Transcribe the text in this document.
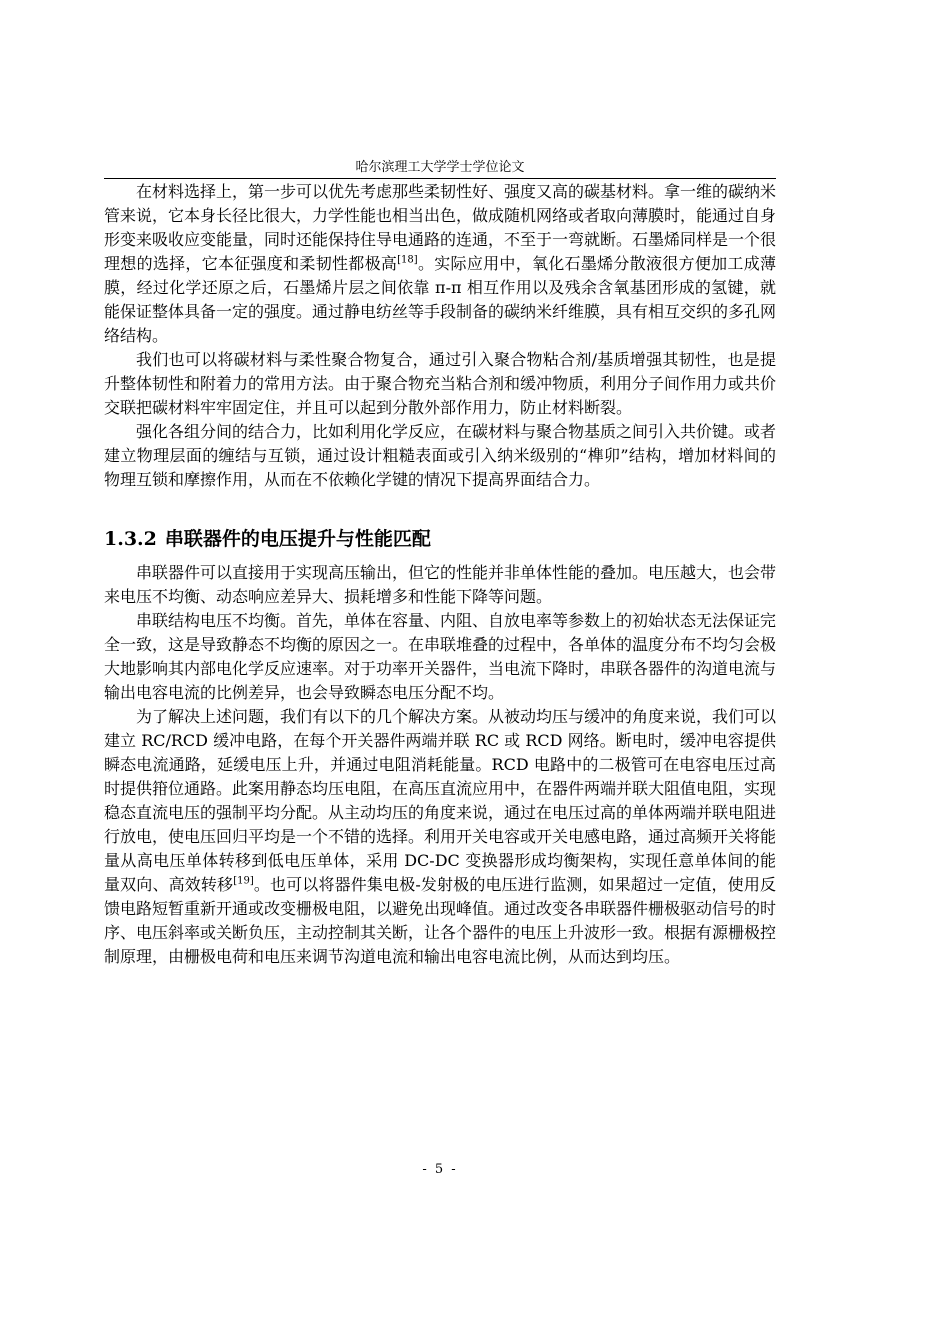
哈尔滨理工大学学士学位论文

在材料选择上，第一步可以优先考虑那些柔韧性好、强度又高的碳基材料。拿一维的碳纳米管来说，它本身长径比很大，力学性能也相当出色，做成随机网络或者取向薄膜时，能通过自身形变来吸收应变能量，同时还能保持住导电通路的连通，不至于一弯就断。石墨烯同样是一个很理想的选择，它本征强度和柔韧性都极高[18]。实际应用中，氧化石墨烯分散液很方便加工成薄膜，经过化学还原之后，石墨烯片层之间依靠 π-π 相互作用以及残余含氧基团形成的氢键，就能保证整体具备一定的强度。通过静电纺丝等手段制备的碳纳米纤维膜，具有相互交织的多孔网络结构。

我们也可以将碳材料与柔性聚合物复合，通过引入聚合物粘合剂/基质增强其韧性，也是提升整体韧性和附着力的常用方法。由于聚合物充当粘合剂和缓冲物质，利用分子间作用力或共价交联把碳材料牢牢固定住，并且可以起到分散外部作用力，防止材料断裂。

强化各组分间的结合力，比如利用化学反应，在碳材料与聚合物基质之间引入共价键。或者建立物理层面的缠结与互锁，通过设计粗糙表面或引入纳米级别的“榫卯”结构，增加材料间的物理互锁和摩擦作用，从而在不依赖化学键的情况下提高界面结合力。

1.3.2 串联器件的电压提升与性能匹配

串联器件可以直接用于实现高压输出，但它的性能并非单体性能的叠加。电压越大，也会带来电压不均衡、动态响应差异大、损耗增多和性能下降等问题。

串联结构电压不均衡。首先，单体在容量、内阻、自放电率等参数上的初始状态无法保证完全一致，这是导致静态不均衡的原因之一。在串联堆叠的过程中，各单体的温度分布不均匀会极大地影响其内部电化学反应速率。对于功率开关器件，当电流下降时，串联各器件的沟道电流与输出电容电流的比例差异，也会导致瞬态电压分配不均。

为了解决上述问题，我们有以下的几个解决方案。从被动均压与缓冲的角度来说，我们可以建立 RC/RCD 缓冲电路，在每个开关器件两端并联 RC 或 RCD 网络。断电时，缓冲电容提供瞬态电流通路，延缓电压上升，并通过电阻消耗能量。RCD 电路中的二极管可在电容电压过高时提供箝位通路。此案用静态均压电阻，在高压直流应用中，在器件两端并联大阻值电阻，实现稳态直流电压的强制平均分配。从主动均压的角度来说，通过在电压过高的单体两端并联电阻进行放电，使电压回归平均是一个不错的选择。利用开关电容或开关电感电路，通过高频开关将能量从高电压单体转移到低电压单体，采用 DC-DC 变换器形成均衡架构，实现任意单体间的能量双向、高效转移[19]。也可以将器件集电极-发射极的电压进行监测，如果超过一定值，使用反馈电路短暂重新开通或改变栅极电阻，以避免出现峰值。通过改变各串联器件栅极驱动信号的时序、电压斜率或关断负压，主动控制其关断，让各个器件的电压上升波形一致。根据有源栅极控制原理，由栅极电荷和电压来调节沟道电流和输出电容电流比例，从而达到均压。

- 5 -
